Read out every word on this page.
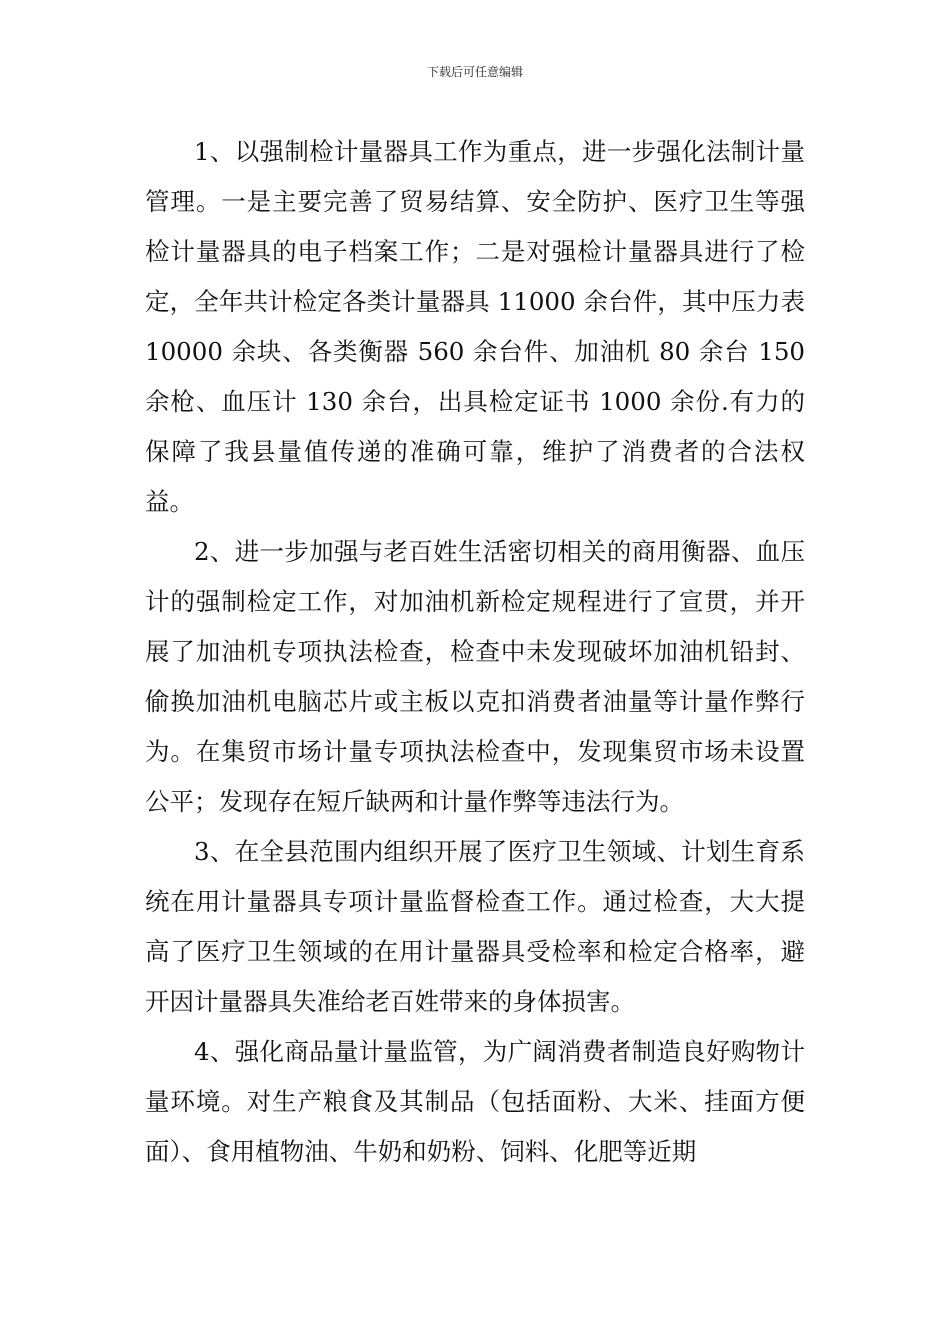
下载后可任意编辑

1、以强制检计量器具工作为重点，进一步强化法制计量管理。一是主要完善了贸易结算、安全防护、医疗卫生等强检计量器具的电子档案工作；二是对强检计量器具进行了检定，全年共计检定各类计量器具 11000 余台件，其中压力表 10000 余块、各类衡器 560 余台件、加油机 80 余台 150 余枪、血压计 130 余台，出具检定证书 1000 余份.有力的保障了我县量值传递的准确可靠，维护了消费者的合法权益。

2、进一步加强与老百姓生活密切相关的商用衡器、血压计的强制检定工作，对加油机新检定规程进行了宣贯，并开展了加油机专项执法检查，检查中未发现破坏加油机铅封、偷换加油机电脑芯片或主板以克扣消费者油量等计量作弊行为。在集贸市场计量专项执法检查中，发现集贸市场未设置公平；发现存在短斤缺两和计量作弊等违法行为。

3、在全县范围内组织开展了医疗卫生领域、计划生育系统在用计量器具专项计量监督检查工作。通过检查，大大提高了医疗卫生领域的在用计量器具受检率和检定合格率，避开因计量器具失准给老百姓带来的身体损害。

4、强化商品量计量监管，为广阔消费者制造良好购物计量环境。对生产粮食及其制品（包括面粉、大米、挂面方便面）、食用植物油、牛奶和奶粉、饲料、化肥等近期
